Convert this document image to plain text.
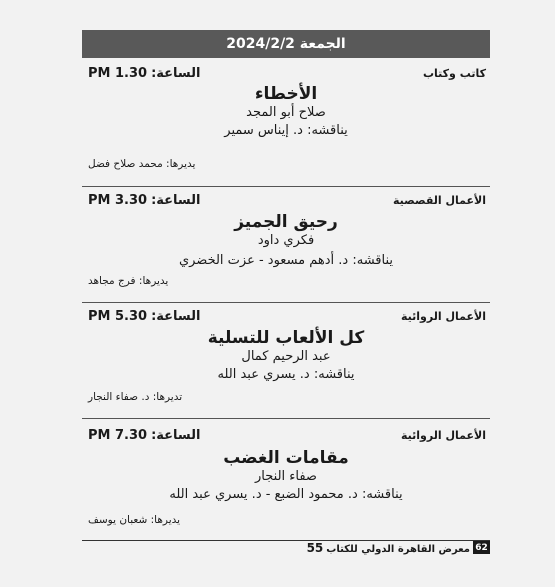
الجمعة 2024/2/2
كاتب وكتاب
الساعة:PM 1.30
الأخطاء
صلاح أبو المجد
يناقشه: د. إيناس سمير
يديرها: محمد صلاح فضل
الأعمال القصصية
الساعة:PM 3.30
رحيق الجميز
فكري داود
يناقشه: د. أدهم مسعود - عزت الخضري
يديرها: فرج مجاهد
الأعمال الروائية
الساعة:PM 5.30
كل الألعاب للتسلية
عبد الرحيم كمال
يناقشه: د. يسري عبد الله
تديرها: د. صفاء النجار
الأعمال الروائية
الساعة:PM 7.30
مقامات الغضب
صفاء النجار
يناقشه: د. محمود الضبع - د. يسري عبد الله
يديرها: شعبان يوسف
62
معرض القاهرة الدولي للكتاب55
